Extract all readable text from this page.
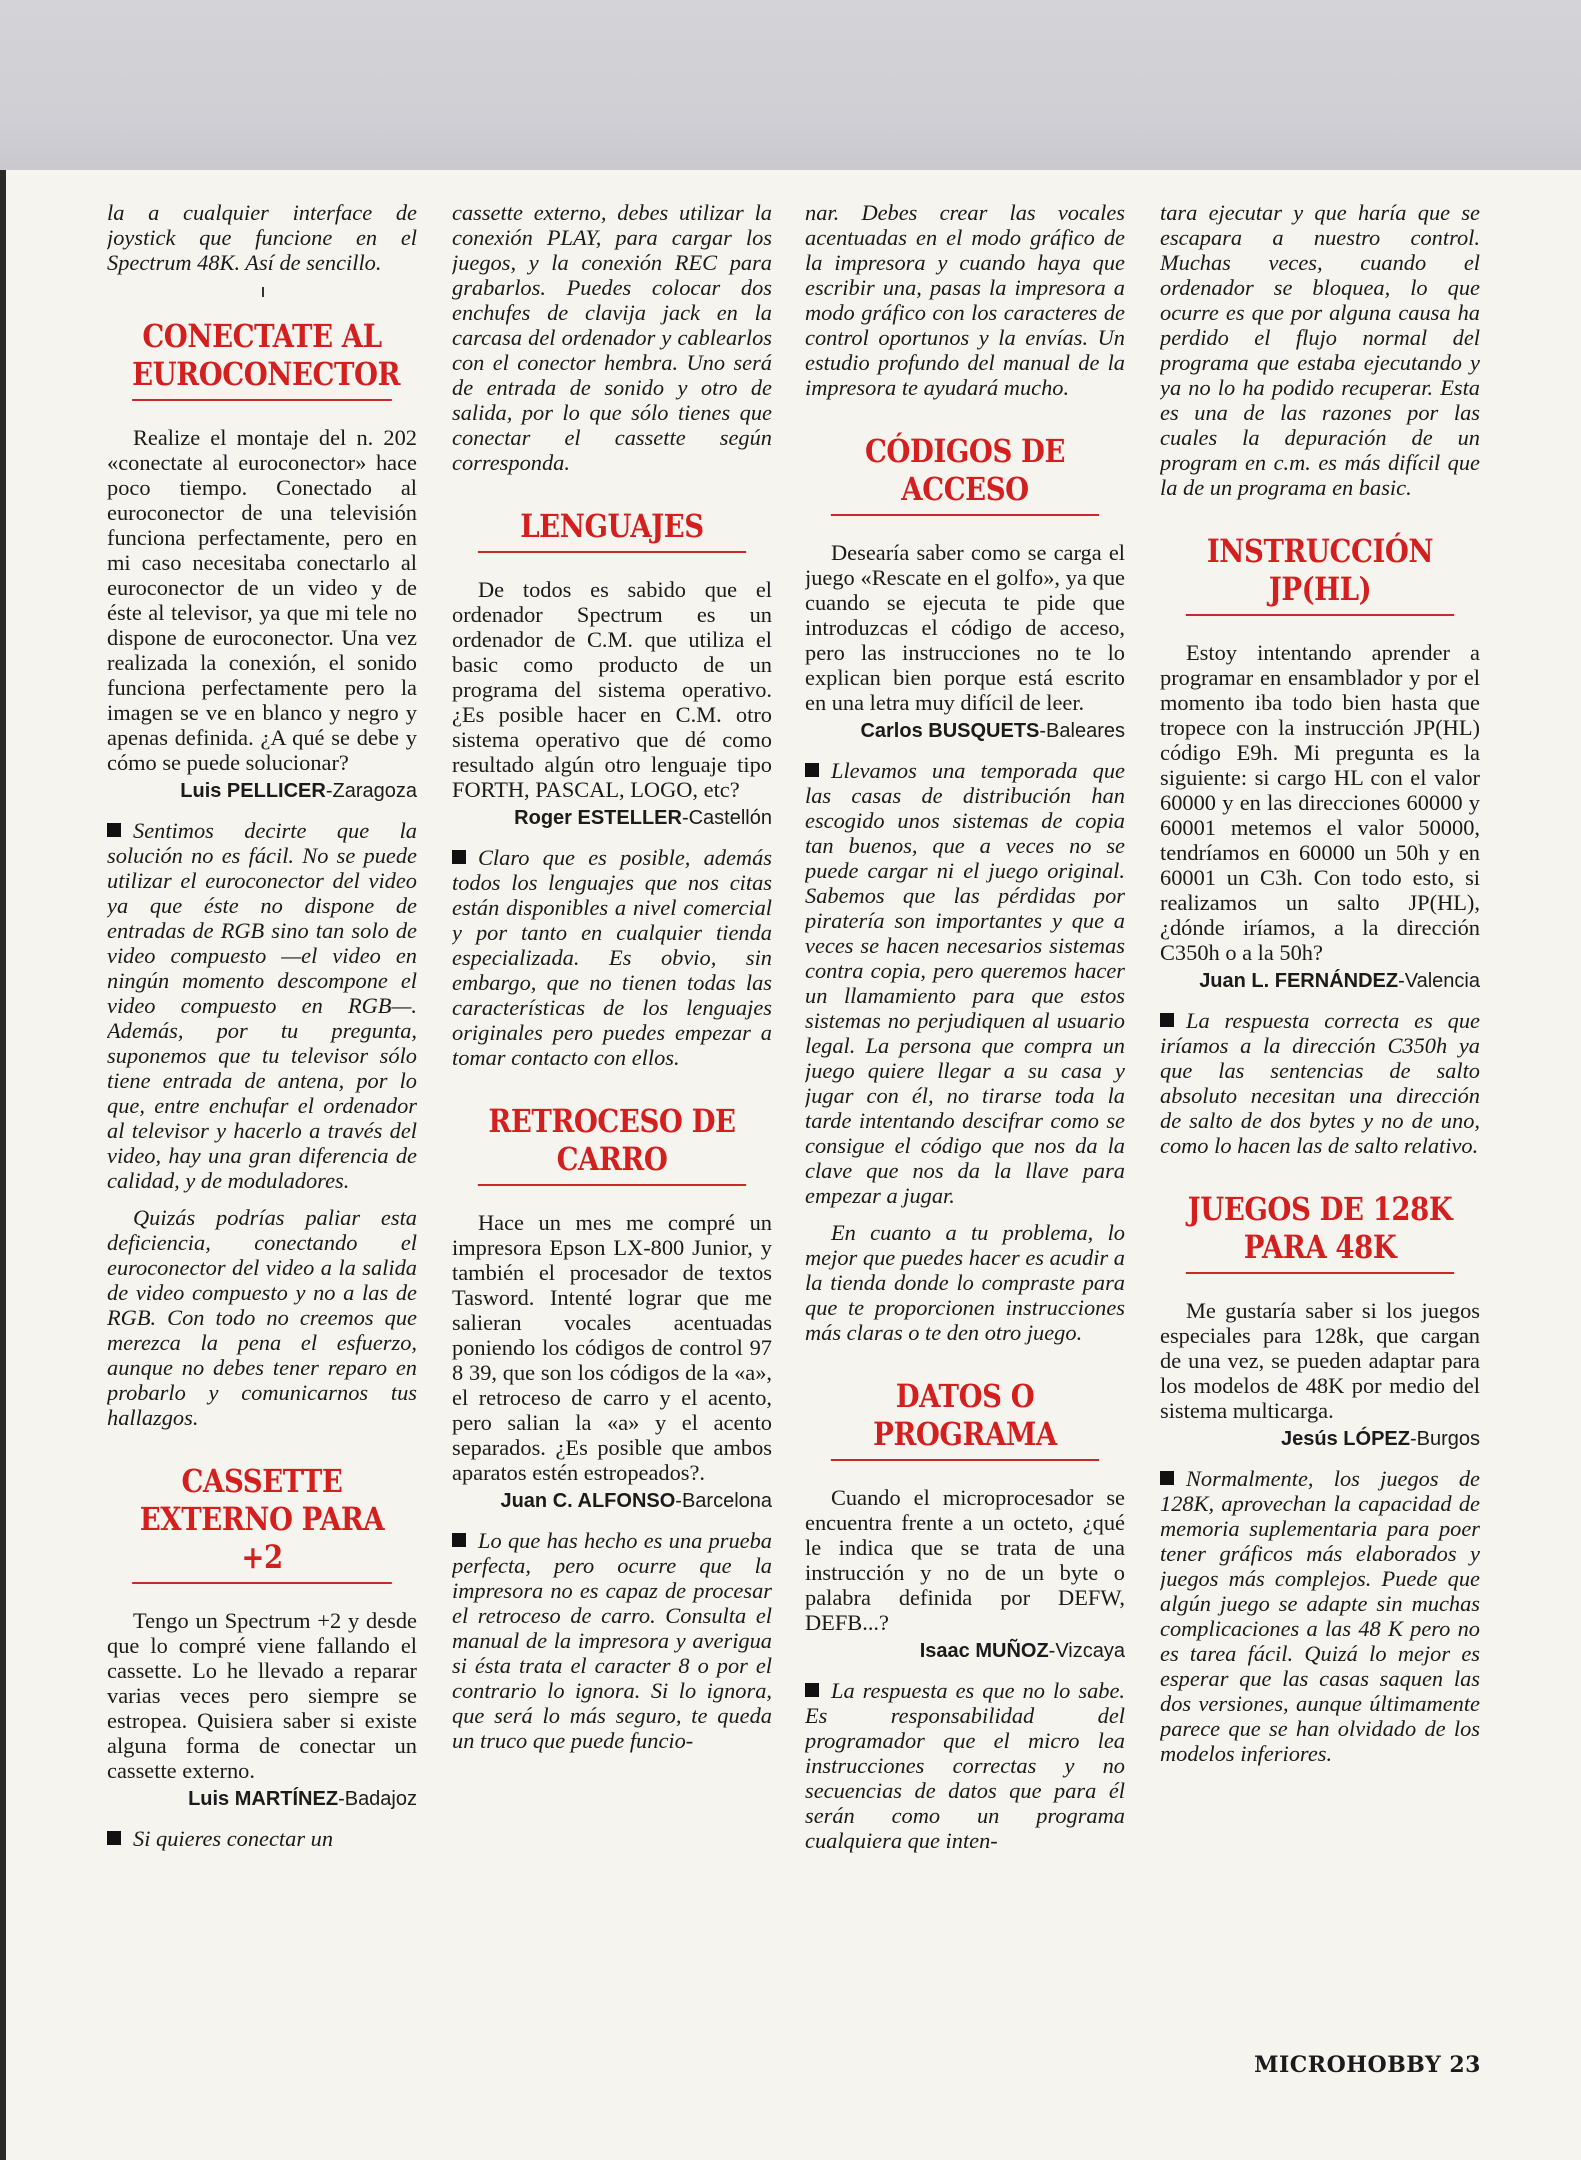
la a cualquier interface de joystick que funcione en el Spectrum 48K. Así de sencillo.

CONECTATE AL EUROCONECTOR

Realize el montaje del n. 202 «conectate al euroconector» hace poco tiempo. Conectado al euroconector de una televisión funciona perfectamente, pero en mi caso necesitaba conectarlo al euroconector de un video y de éste al televisor, ya que mi tele no dispone de euroconector. Una vez realizada la conexión, el sonido funciona perfectamente pero la imagen se ve en blanco y negro y apenas definida. ¿A qué se debe y cómo se puede solucionar?

Luis PELLICER-Zaragoza

Sentimos decirte que la solución no es fácil. No se puede utilizar el euroconector del video ya que éste no dispone de entradas de RGB sino tan solo de video compuesto —el video en ningún momento descompone el video compuesto en RGB—. Además, por tu pregunta, suponemos que tu televisor sólo tiene entrada de antena, por lo que, entre enchufar el ordenador al televisor y hacerlo a través del video, hay una gran diferencia de calidad, y de moduladores.

Quizás podrías paliar esta deficiencia, conectando el euroconector del video a la salida de video compuesto y no a las de RGB. Con todo no creemos que merezca la pena el esfuerzo, aunque no debes tener reparo en probarlo y comunicarnos tus hallazgos.

CASSETTE EXTERNO PARA +2

Tengo un Spectrum +2 y desde que lo compré viene fallando el cassette. Lo he llevado a reparar varias veces pero siempre se estropea. Quisiera saber si existe alguna forma de conectar un cassette externo.

Luis MARTÍNEZ-Badajoz

Si quieres conectar un

cassette externo, debes utilizar la conexión PLAY, para cargar los juegos, y la conexión REC para grabarlos. Puedes colocar dos enchufes de clavija jack en la carcasa del ordenador y cablearlos con el conector hembra. Uno será de entrada de sonido y otro de salida, por lo que sólo tienes que conectar el cassette según corresponda.

LENGUAJES

De todos es sabido que el ordenador Spectrum es un ordenador de C.M. que utiliza el basic como producto de un programa del sistema operativo. ¿Es posible hacer en C.M. otro sistema operativo que dé como resultado algún otro lenguaje tipo FORTH, PASCAL, LOGO, etc?

Roger ESTELLER-Castellón

Claro que es posible, además todos los lenguajes que nos citas están disponibles a nivel comercial y por tanto en cualquier tienda especializada. Es obvio, sin embargo, que no tienen todas las características de los lenguajes originales pero puedes empezar a tomar contacto con ellos.

RETROCESO DE CARRO

Hace un mes me compré un impresora Epson LX-800 Junior, y también el procesador de textos Tasword. Intenté lograr que me salieran vocales acentuadas poniendo los códigos de control 97 8 39, que son los códigos de la «a», el retroceso de carro y el acento, pero salian la «a» y el acento separados. ¿Es posible que ambos aparatos estén estropeados?.

Juan C. ALFONSO-Barcelona

Lo que has hecho es una prueba perfecta, pero ocurre que la impresora no es capaz de procesar el retroceso de carro. Consulta el manual de la impresora y averigua si ésta trata el caracter 8 o por el contrario lo ignora. Si lo ignora, que será lo más seguro, te queda un truco que puede funcio-

nar. Debes crear las vocales acentuadas en el modo gráfico de la impresora y cuando haya que escribir una, pasas la impresora a modo gráfico con los caracteres de control oportunos y la envías. Un estudio profundo del manual de la impresora te ayudará mucho.

CÓDIGOS DE ACCESO

Desearía saber como se carga el juego «Rescate en el golfo», ya que cuando se ejecuta te pide que introduzcas el código de acceso, pero las instrucciones no te lo explican bien porque está escrito en una letra muy difícil de leer.

Carlos BUSQUETS-Baleares

Llevamos una temporada que las casas de distribución han escogido unos sistemas de copia tan buenos, que a veces no se puede cargar ni el juego original. Sabemos que las pérdidas por piratería son importantes y que a veces se hacen necesarios sistemas contra copia, pero queremos hacer un llamamiento para que estos sistemas no perjudiquen al usuario legal. La persona que compra un juego quiere llegar a su casa y jugar con él, no tirarse toda la tarde intentando descifrar como se consigue el código que nos da la clave que nos da la llave para empezar a jugar.

En cuanto a tu problema, lo mejor que puedes hacer es acudir a la tienda donde lo compraste para que te proporcionen instrucciones más claras o te den otro juego.

DATOS O PROGRAMA

Cuando el microprocesador se encuentra frente a un octeto, ¿qué le indica que se trata de una instrucción y no de un byte o palabra definida por DEFW, DEFB...?

Isaac MUÑOZ-Vizcaya

La respuesta es que no lo sabe. Es responsabilidad del programador que el micro lea instrucciones correctas y no secuencias de datos que para él serán como un programa cualquiera que inten-

tara ejecutar y que haría que se escapara a nuestro control. Muchas veces, cuando el ordenador se bloquea, lo que ocurre es que por alguna causa ha perdido el flujo normal del programa que estaba ejecutando y ya no lo ha podido recuperar. Esta es una de las razones por las cuales la depuración de un program en c.m. es más difícil que la de un programa en basic.

INSTRUCCIÓN JP(HL)

Estoy intentando aprender a programar en ensamblador y por el momento iba todo bien hasta que tropece con la instrucción JP(HL) código E9h. Mi pregunta es la siguiente: si cargo HL con el valor 60000 y en las direcciones 60000 y 60001 metemos el valor 50000, tendríamos en 60000 un 50h y en 60001 un C3h. Con todo esto, si realizamos un salto JP(HL), ¿dónde iríamos, a la dirección C350h o a la 50h?

Juan L. FERNÁNDEZ-Valencia

La respuesta correcta es que iríamos a la dirección C350h ya que las sentencias de salto absoluto necesitan una dirección de salto de dos bytes y no de uno, como lo hacen las de salto relativo.

JUEGOS DE 128K PARA 48K

Me gustaría saber si los juegos especiales para 128k, que cargan de una vez, se pueden adaptar para los modelos de 48K por medio del sistema multicarga.

Jesús LÓPEZ-Burgos

Normalmente, los juegos de 128K, aprovechan la capacidad de memoria suplementaria para poer tener gráficos más elaborados y juegos más complejos. Puede que algún juego se adapte sin muchas complicaciones a las 48 K pero no es tarea fácil. Quizá lo mejor es esperar que las casas saquen las dos versiones, aunque últimamente parece que se han olvidado de los modelos inferiores.

MICROHOBBY 23
